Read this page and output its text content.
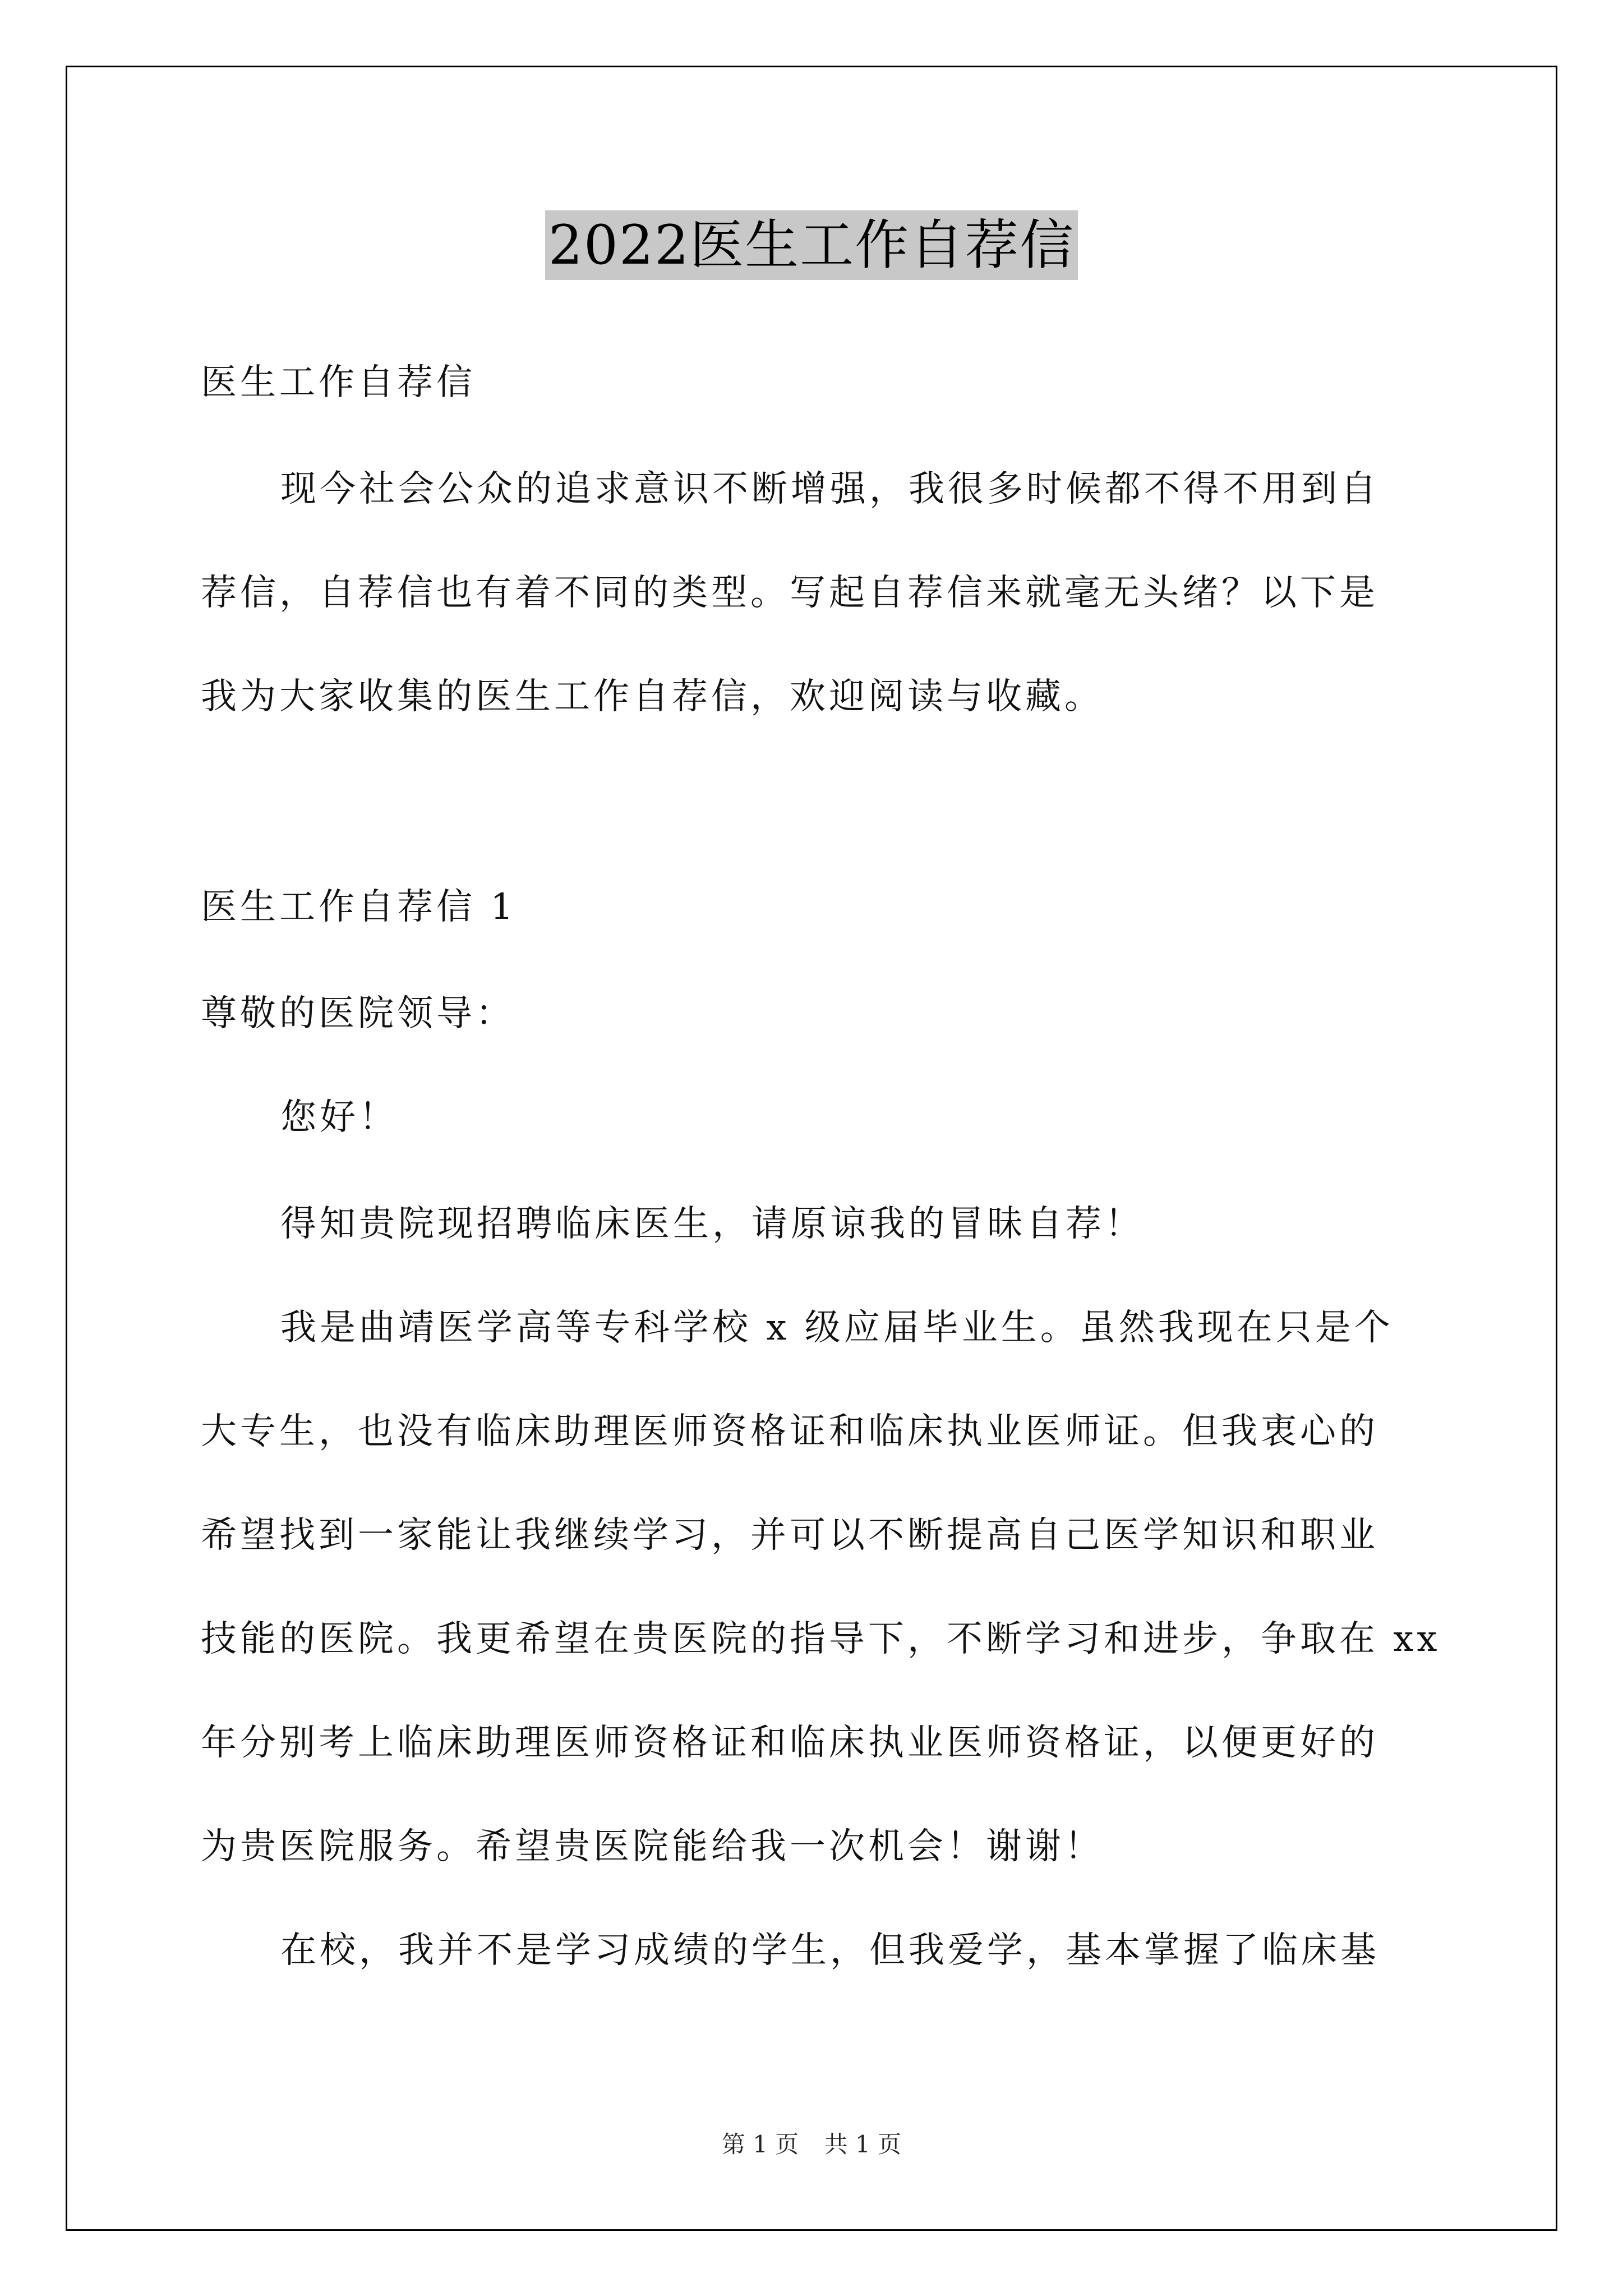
2022医生工作自荐信
医生工作自荐信
现今社会公众的追求意识不断增强，我很多时候都不得不用到自
荐信，自荐信也有着不同的类型。写起自荐信来就毫无头绪？以下是
我为大家收集的医生工作自荐信，欢迎阅读与收藏。
医生工作自荐信 1
尊敬的医院领导：
您好！
得知贵院现招聘临床医生，请原谅我的冒昧自荐！
我是曲靖医学高等专科学校 x 级应届毕业生。虽然我现在只是个
大专生，也没有临床助理医师资格证和临床执业医师证。但我衷心的
希望找到一家能让我继续学习，并可以不断提高自己医学知识和职业
技能的医院。我更希望在贵医院的指导下，不断学习和进步，争取在 xx
年分别考上临床助理医师资格证和临床执业医师资格证，以便更好的
为贵医院服务。希望贵医院能给我一次机会！谢谢！
在校，我并不是学习成绩的学生，但我爱学，基本掌握了临床基
第 1 页 共 1 页
